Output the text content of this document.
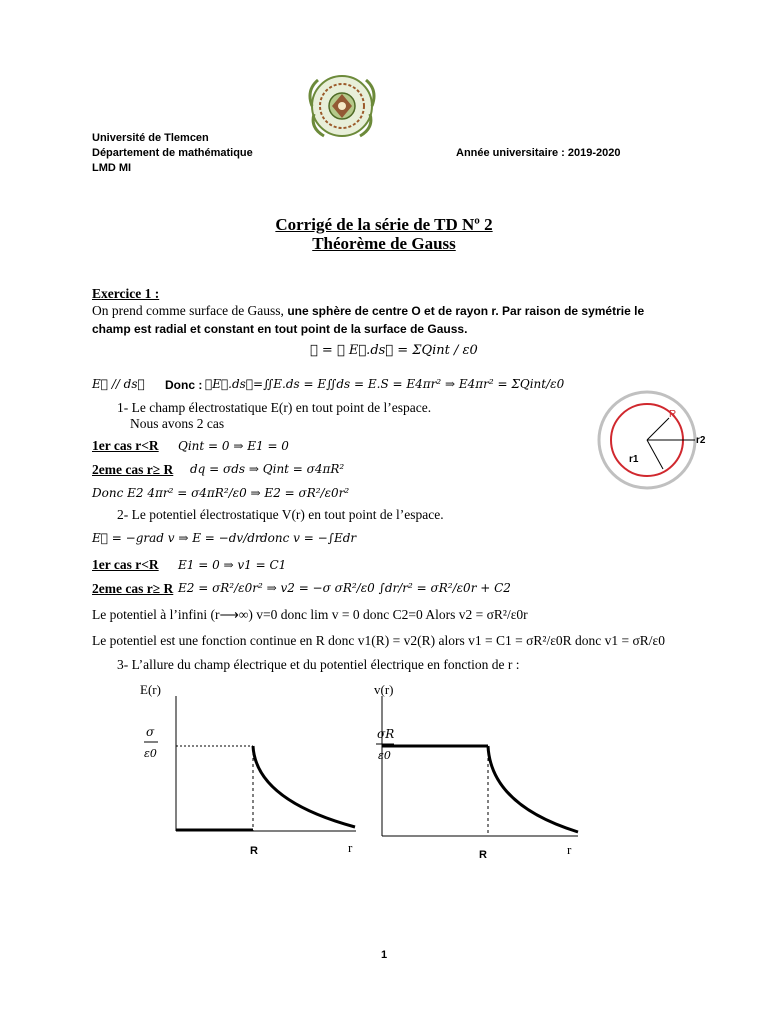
Université de Tlemcen
Département de mathématique	Année universitaire : 2019-2020
LMD MI
Corrigé de la série de TD Nº 2
Théorème de Gauss
Exercice 1 :
On prend comme surface de Gauss, une sphère de centre O et de rayon r. Par raison de symétrie le
champ est radial et constant en tout point de la surface de Gauss.
∅ = ∯ E⃗.ds⃗ = ΣQint / ε0
E⃗ // ds⃗ Donc : ∯E⃗.ds⃗=∬E.ds = E∬ds = E.S = E4πr² ⇒ E4πr² = ΣQint/ε0
1- Le champ électrostatique E(r) en tout point de l’espace.
Nous avons 2 cas
1er cas r<R Qint = 0 ⇒ E1 = 0
2eme cas r≥ R dq = σds ⇒ Qint = σ4πR²
Donc E2 4πr² = σ4πR²/ε0 ⇒ E2 = σR²/ε0r²
R
r2
r1
2- Le potentiel électrostatique V(r) en tout point de l’espace.
E⃗ = −grad v ⇒ E = −dv/dr donc v = −∫Edr
1er cas r<R E1 = 0 ⇒ v1 = C1
2eme cas r≥ R E2 = σR²/ε0r² ⇒ v2 = −σ σR²/ε0 ∫dr/r² = σR²/ε0r + C2
Le potentiel à l’infini (r⟶∞) v=0 donc lim v = 0 donc C2=0 Alors v2 = σR²/ε0r
Le potentiel est une fonction continue en R donc v1(R) = v2(R) alors v1 = C1 = σR²/ε0R donc v1 = σR/ε0
3- L’allure du champ électrique et du potentiel électrique en fonction de r :
E(r)
σ
ε0
R	r
v(r)
σR
ε0
R	r
1
